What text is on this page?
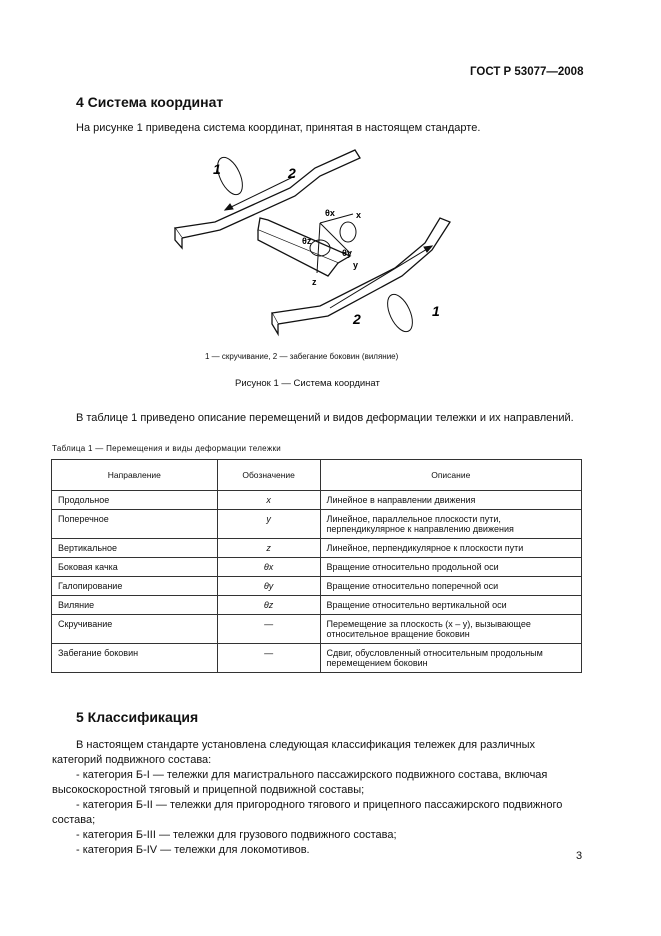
ГОСТ Р 53077—2008
4 Система координат
На рисунке 1 приведена система координат, принятая в настоящем стандарте.
1	2
1
2
θx x
θz
θy
y
z
1 — скручивание, 2 — забегание боковин (виляние)
Рисунок 1 — Система координат
В таблице 1 приведено описание перемещений и видов деформации тележки и их направлений.
Таблица 1 — Перемещения и виды деформации тележки
Направление	Обозначение	Описание
Продольное	x	Линейное в направлении движения
Поперечное	y	Линейное, параллельное плоскости пути, перпендикулярное к направлению движения
Вертикальное	z	Линейное, перпендикулярное к плоскости пути
Боковая качка	θx	Вращение относительно продольной оси
Галопирование	θy	Вращение относительно поперечной оси
Виляние	θz	Вращение относительно вертикальной оси
Скручивание	—	Перемещение за плоскость (x – y), вызывающее относительное вращение боковин
Забегание боковин	—	Сдвиг, обусловленный относительным продольным перемещением боковин
5 Классификация
В настоящем стандарте установлена следующая классификация тележек для различных категорий подвижного состава:
- категория Б-I — тележки для магистрального пассажирского подвижного состава, включая высокоскоростной тяговый и прицепной подвижной составы;
- категория Б-II — тележки для пригородного тягового и прицепного пассажирского подвижного состава;
- категория Б-III — тележки для грузового подвижного состава;
- категория Б-IV — тележки для локомотивов.	3
